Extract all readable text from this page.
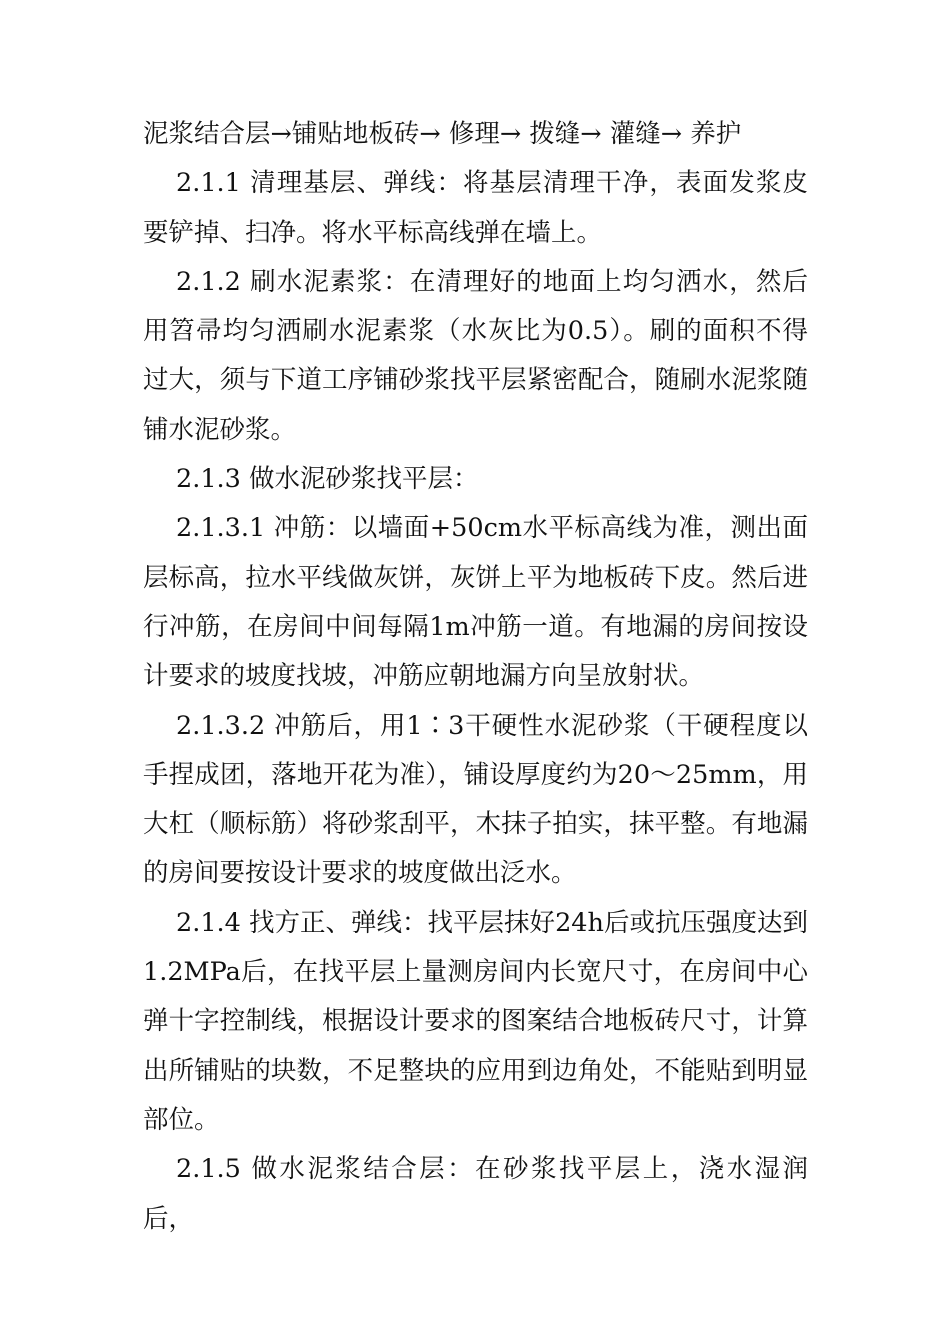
泥浆结合层→铺贴地板砖→ 修理→ 拨缝→ 灌缝→ 养护

2.1.1 清理基层、弹线：将基层清理干净，表面发浆皮要铲掉、扫净。将水平标高线弹在墙上。

2.1.2 刷水泥素浆：在清理好的地面上均匀洒水，然后用笤帚均匀洒刷水泥素浆（水灰比为0.5）。刷的面积不得过大，须与下道工序铺砂浆找平层紧密配合，随刷水泥浆随铺水泥砂浆。

2.1.3 做水泥砂浆找平层：

2.1.3.1 冲筋：以墙面+50cm水平标高线为准，测出面层标高，拉水平线做灰饼，灰饼上平为地板砖下皮。然后进行冲筋，在房间中间每隔1m冲筋一道。有地漏的房间按设计要求的坡度找坡，冲筋应朝地漏方向呈放射状。

2.1.3.2 冲筋后，用1∶3干硬性水泥砂浆（干硬程度以手捏成团，落地开花为准），铺设厚度约为20～25mm，用大杠（顺标筋）将砂浆刮平，木抹子拍实，抹平整。有地漏的房间要按设计要求的坡度做出泛水。

2.1.4 找方正、弹线：找平层抹好24h后或抗压强度达到1.2MPa后，在找平层上量测房间内长宽尺寸，在房间中心弹十字控制线，根据设计要求的图案结合地板砖尺寸，计算出所铺贴的块数，不足整块的应用到边角处，不能贴到明显部位。

2.1.5 做水泥浆结合层：在砂浆找平层上，浇水湿润后，
